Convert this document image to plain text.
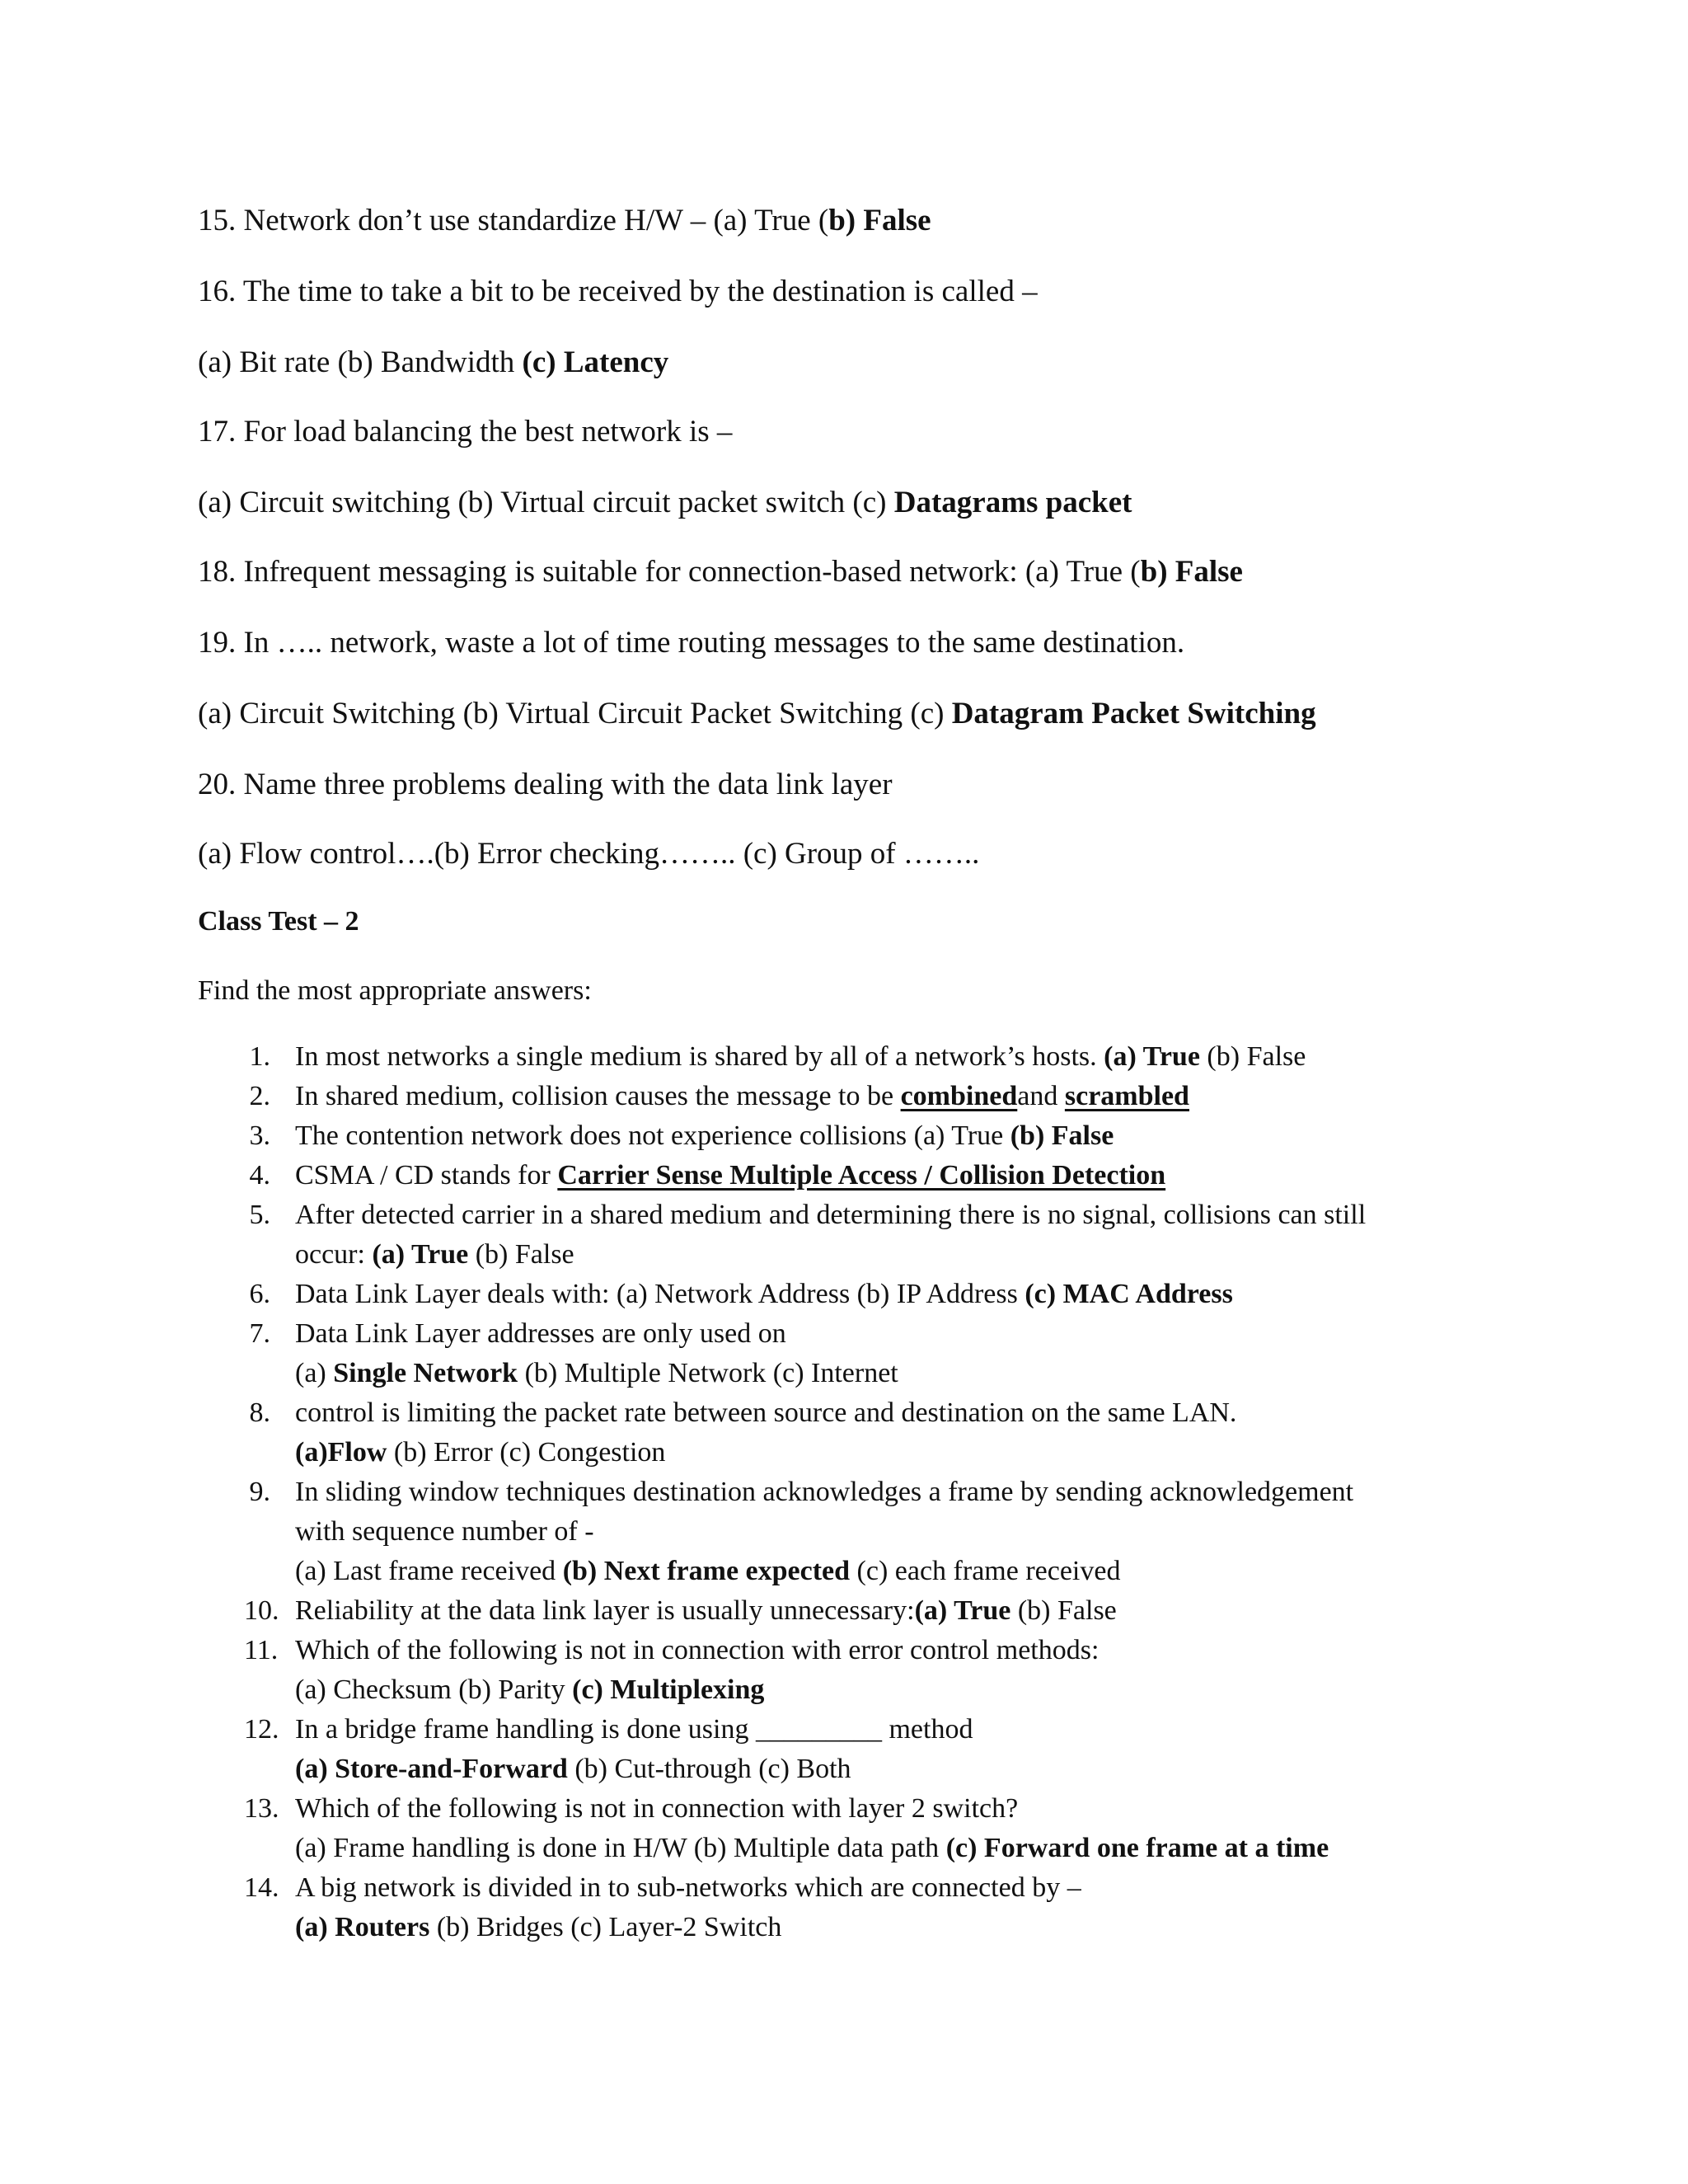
15. Network don’t use standardize H/W – (a) True (b) False
16. The time to take a bit to be received by the destination is called –
(a) Bit rate (b) Bandwidth (c) Latency
17. For load balancing the best network is –
(a) Circuit switching (b) Virtual circuit packet switch (c) Datagrams packet
18. Infrequent messaging is suitable for connection-based network: (a) True (b) False
19. In ….. network, waste a lot of time routing messages to the same destination.
(a) Circuit Switching (b) Virtual Circuit Packet Switching (c) Datagram Packet Switching
20. Name three problems dealing with the data link layer
(a) Flow control….(b) Error checking…….. (c) Group of ……..
Class Test – 2
Find the most appropriate answers:
1. In most networks a single medium is shared by all of a network’s hosts. (a) True (b) False
2. In shared medium, collision causes the message to be combinedand scrambled
3. The contention network does not experience collisions (a) True (b) False
4. CSMA / CD stands for Carrier Sense Multiple Access / Collision Detection
5. After detected carrier in a shared medium and determining there is no signal, collisions can still
occur: (a) True (b) False
6. Data Link Layer deals with: (a) Network Address (b) IP Address (c) MAC Address
7. Data Link Layer addresses are only used on
(a) Single Network (b) Multiple Network (c) Internet
8. control is limiting the packet rate between source and destination on the same LAN.
(a)Flow (b) Error (c) Congestion
9. In sliding window techniques destination acknowledges a frame by sending acknowledgement
with sequence number of -
(a) Last frame received (b) Next frame expected (c) each frame received
10. Reliability at the data link layer is usually unnecessary:(a) True (b) False
11. Which of the following is not in connection with error control methods:
(a) Checksum (b) Parity (c) Multiplexing
12. In a bridge frame handling is done using _________ method
(a) Store-and-Forward (b) Cut-through (c) Both
13. Which of the following is not in connection with layer 2 switch?
(a) Frame handling is done in H/W (b) Multiple data path (c) Forward one frame at a time
14. A big network is divided in to sub-networks which are connected by –
(a) Routers (b) Bridges (c) Layer-2 Switch
